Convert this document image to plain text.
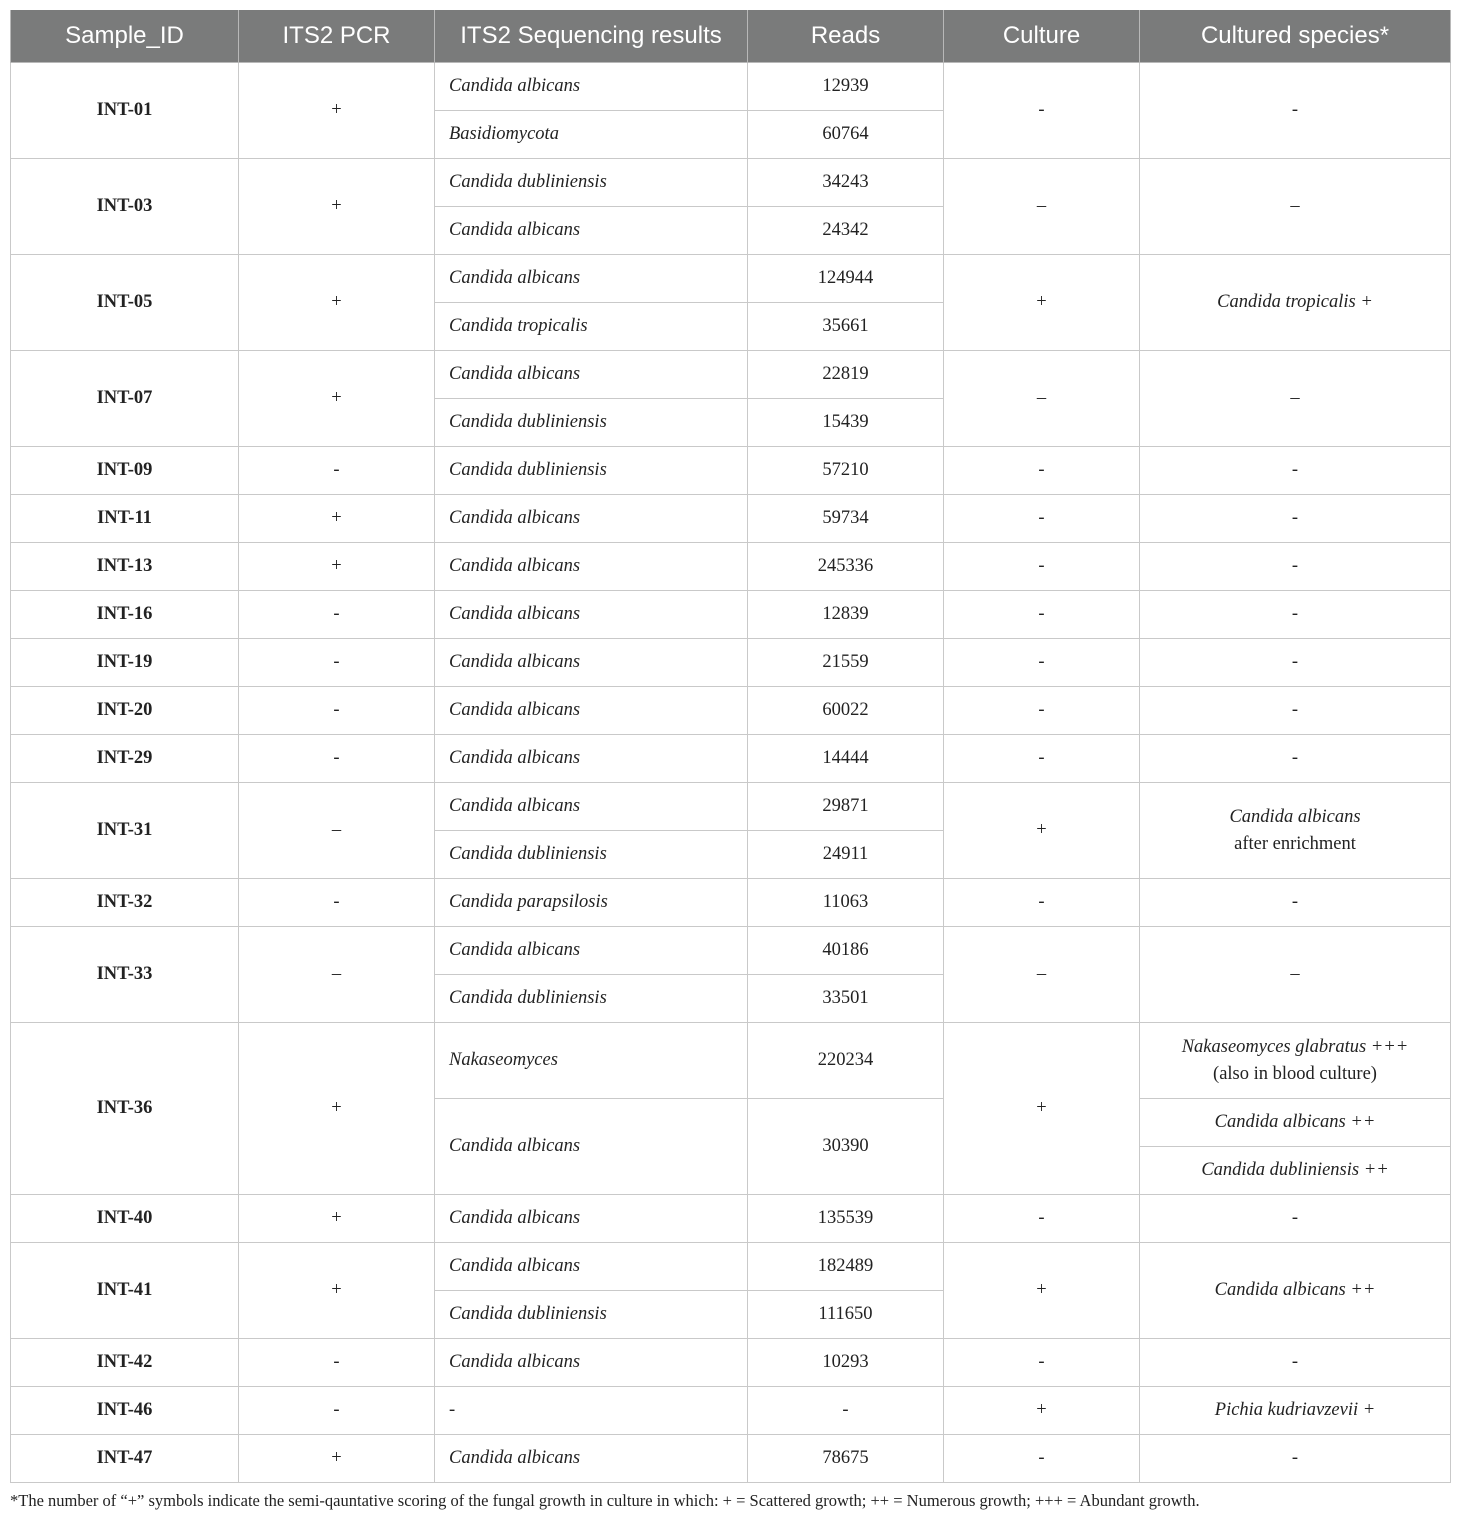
Sample_ID	ITS2 PCR	ITS2 Sequencing results	Reads	Culture	Cultured species*
INT-01	+	Candida albicans	12939	-	-
		Basidiomycota	60764		
INT-03	+	Candida dubliniensis	34243	–	–
		Candida albicans	24342		
INT-05	+	Candida albicans	124944	+	Candida tropicalis +
		Candida tropicalis	35661		
INT-07	+	Candida albicans	22819	–	–
		Candida dubliniensis	15439		
INT-09	-	Candida dubliniensis	57210	-	-
INT-11	+	Candida albicans	59734	-	-
INT-13	+	Candida albicans	245336	-	-
INT-16	-	Candida albicans	12839	-	-
INT-19	-	Candida albicans	21559	-	-
INT-20	-	Candida albicans	60022	-	-
INT-29	-	Candida albicans	14444	-	-
INT-31	–	Candida albicans	29871	+	Candida albicans
after enrichment
		Candida dubliniensis	24911		
INT-32	-	Candida parapsilosis	11063	-	-
INT-33	–	Candida albicans	40186	–	–
		Candida dubliniensis	33501		
INT-36	+	Nakaseomyces	220234	+	Nakaseomyces glabratus +++
(also in blood culture)
		Candida albicans	30390		Candida albicans ++
					Candida dubliniensis ++
INT-40	+	Candida albicans	135539	-	-
INT-41	+	Candida albicans	182489	+	Candida albicans ++
		Candida dubliniensis	111650		
INT-42	-	Candida albicans	10293	-	-
INT-46	-	-	-	+	Pichia kudriavzevii +
INT-47	+	Candida albicans	78675	-	-
*The number of “+” symbols indicate the semi-qauntative scoring of the fungal growth in culture in which: + = Scattered growth; ++ = Numerous growth; +++ = Abundant growth.
